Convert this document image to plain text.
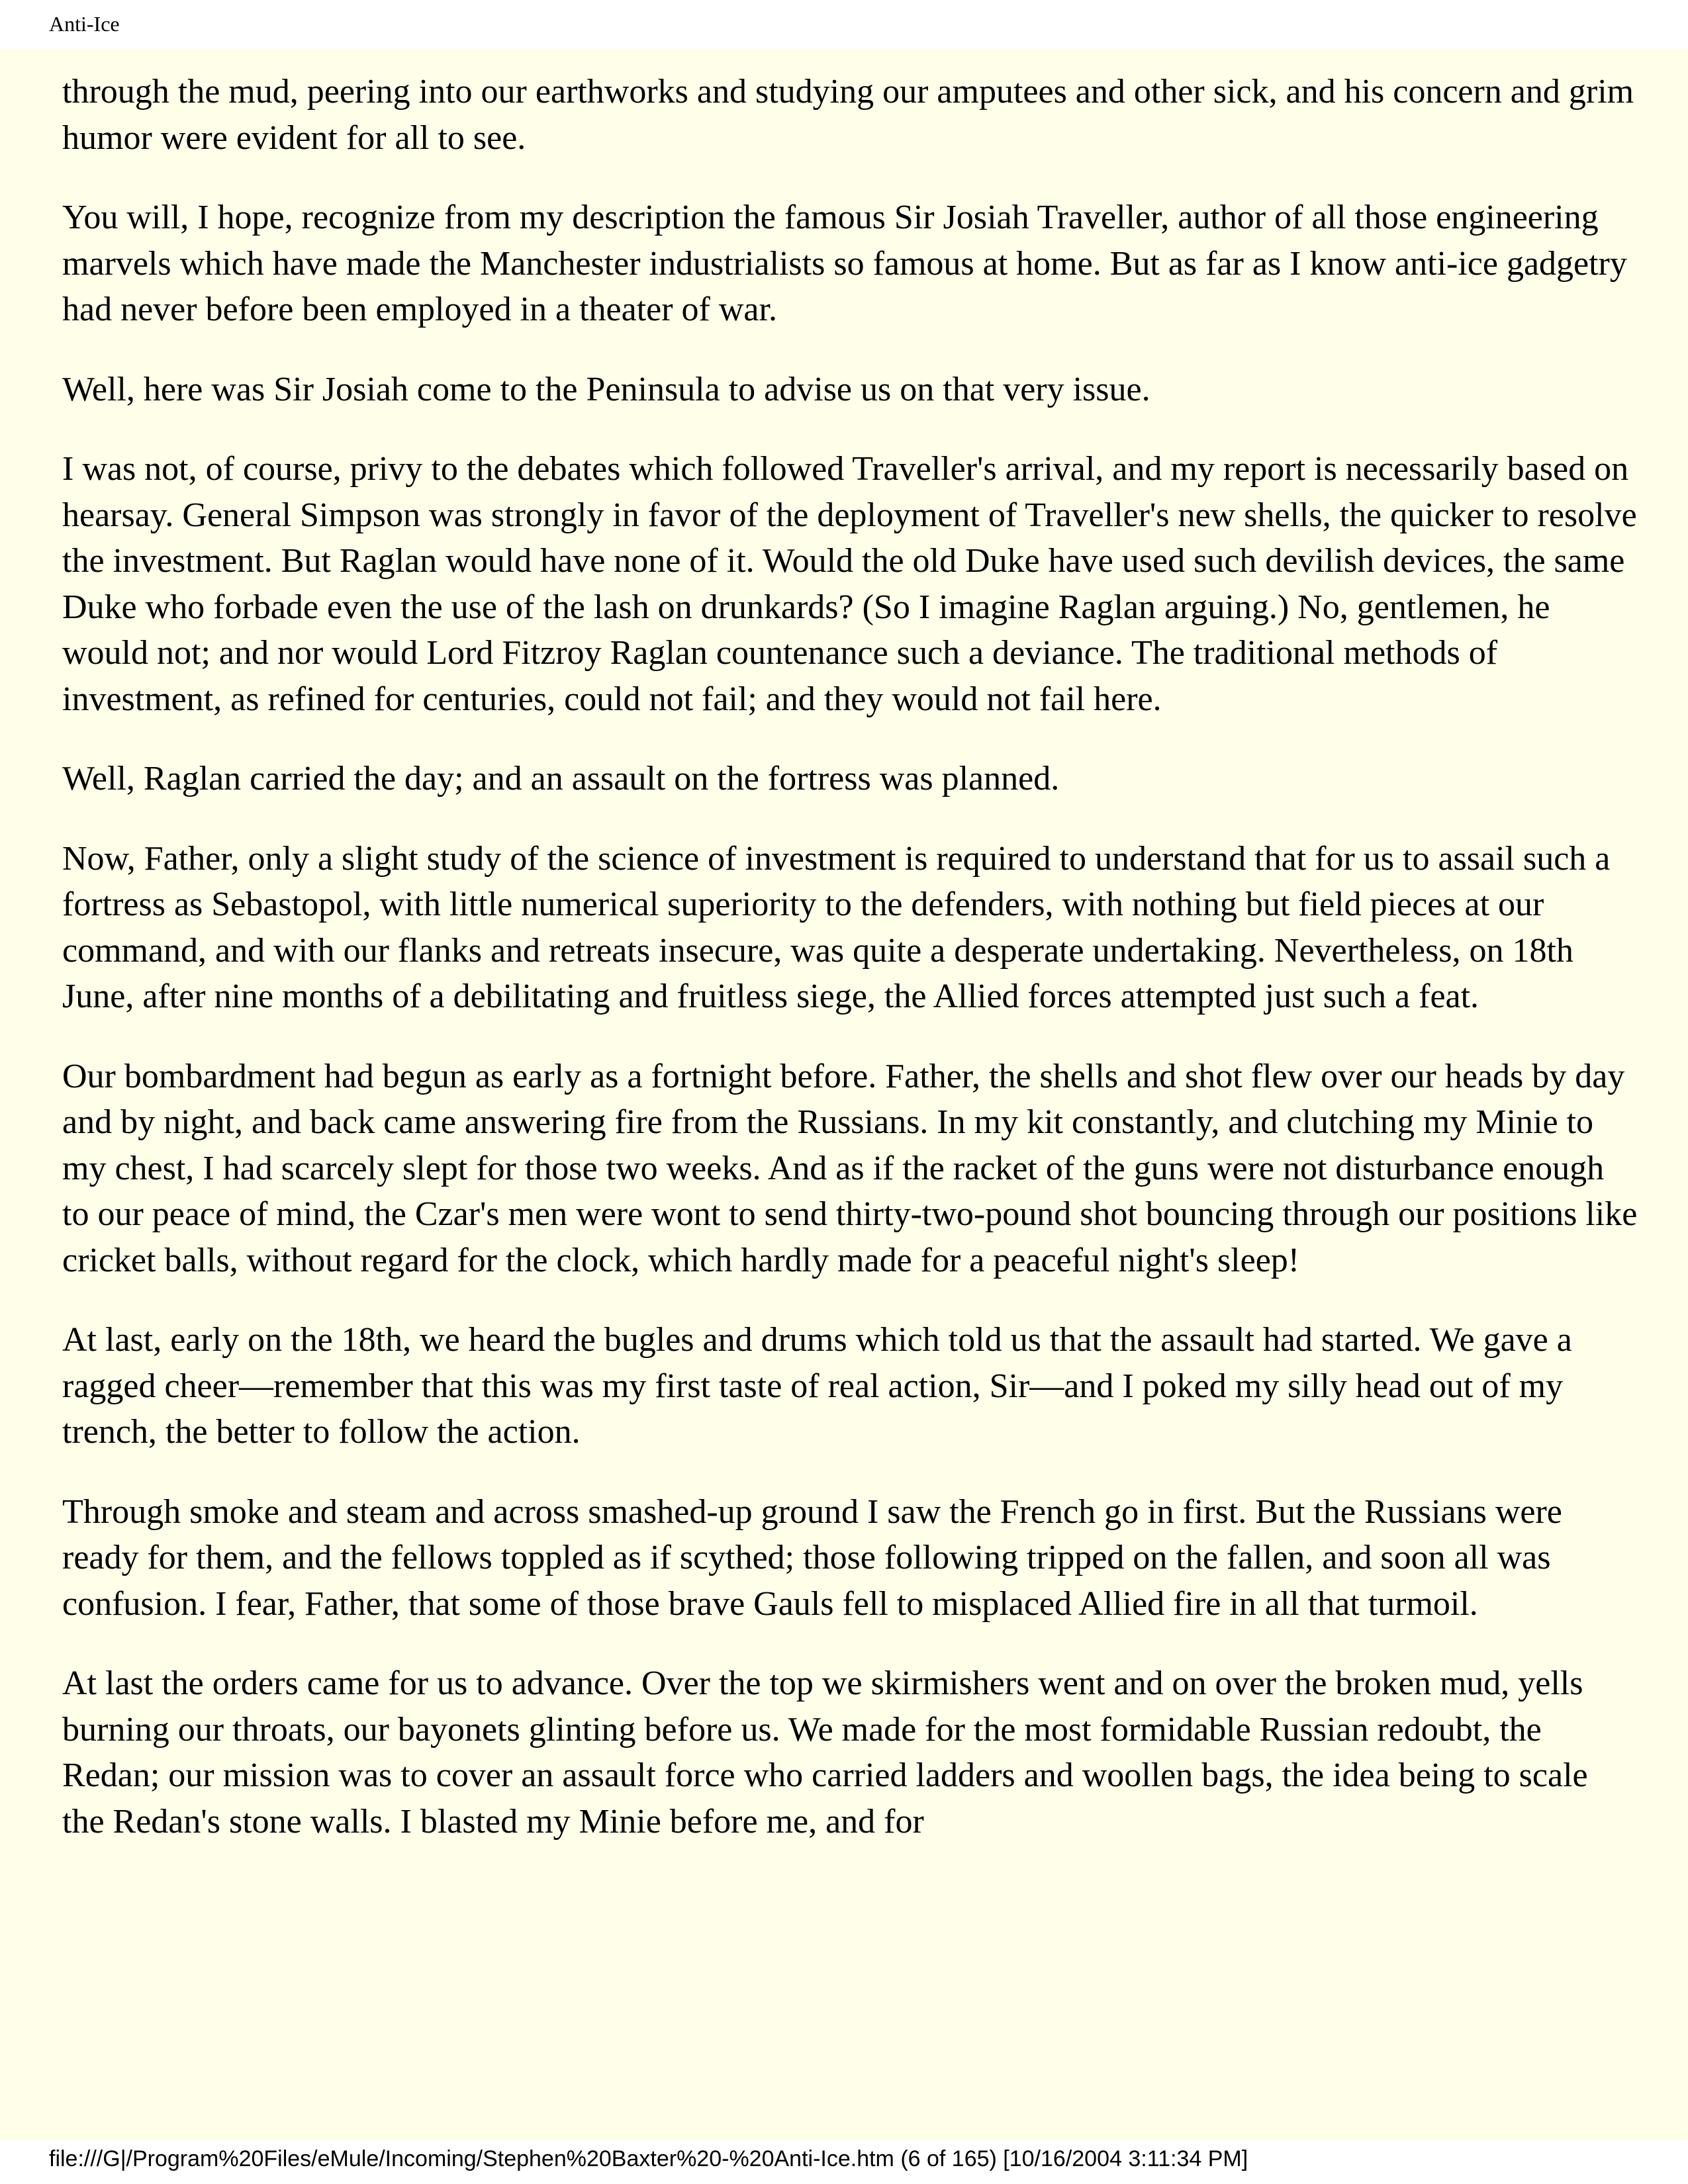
Anti-Ice

through the mud, peering into our earthworks and studying our amputees and other sick, and his concern and grim humor were evident for all to see.

You will, I hope, recognize from my description the famous Sir Josiah Traveller, author of all those engineering marvels which have made the Manchester industrialists so famous at home. But as far as I know anti-ice gadgetry had never before been employed in a theater of war.

Well, here was Sir Josiah come to the Peninsula to advise us on that very issue.

I was not, of course, privy to the debates which followed Traveller's arrival, and my report is necessarily based on hearsay. General Simpson was strongly in favor of the deployment of Traveller's new shells, the quicker to resolve the investment. But Raglan would have none of it. Would the old Duke have used such devilish devices, the same Duke who forbade even the use of the lash on drunkards? (So I imagine Raglan arguing.) No, gentlemen, he would not; and nor would Lord Fitzroy Raglan countenance such a deviance. The traditional methods of investment, as refined for centuries, could not fail; and they would not fail here.

Well, Raglan carried the day; and an assault on the fortress was planned.

Now, Father, only a slight study of the science of investment is required to understand that for us to assail such a fortress as Sebastopol, with little numerical superiority to the defenders, with nothing but field pieces at our command, and with our flanks and retreats insecure, was quite a desperate undertaking. Nevertheless, on 18th June, after nine months of a debilitating and fruitless siege, the Allied forces attempted just such a feat.

Our bombardment had begun as early as a fortnight before. Father, the shells and shot flew over our heads by day and by night, and back came answering fire from the Russians. In my kit constantly, and clutching my Minie to my chest, I had scarcely slept for those two weeks. And as if the racket of the guns were not disturbance enough to our peace of mind, the Czar's men were wont to send thirty-two-pound shot bouncing through our positions like cricket balls, without regard for the clock, which hardly made for a peaceful night's sleep!

At last, early on the 18th, we heard the bugles and drums which told us that the assault had started. We gave a ragged cheer—remember that this was my first taste of real action, Sir—and I poked my silly head out of my trench, the better to follow the action.

Through smoke and steam and across smashed-up ground I saw the French go in first. But the Russians were ready for them, and the fellows toppled as if scythed; those following tripped on the fallen, and soon all was confusion. I fear, Father, that some of those brave Gauls fell to misplaced Allied fire in all that turmoil.

At last the orders came for us to advance. Over the top we skirmishers went and on over the broken mud, yells burning our throats, our bayonets glinting before us. We made for the most formidable Russian redoubt, the Redan; our mission was to cover an assault force who carried ladders and woollen bags, the idea being to scale the Redan's stone walls. I blasted my Minie before me, and for

file:///G|/Program%20Files/eMule/Incoming/Stephen%20Baxter%20-%20Anti-Ice.htm (6 of 165) [10/16/2004 3:11:34 PM]
